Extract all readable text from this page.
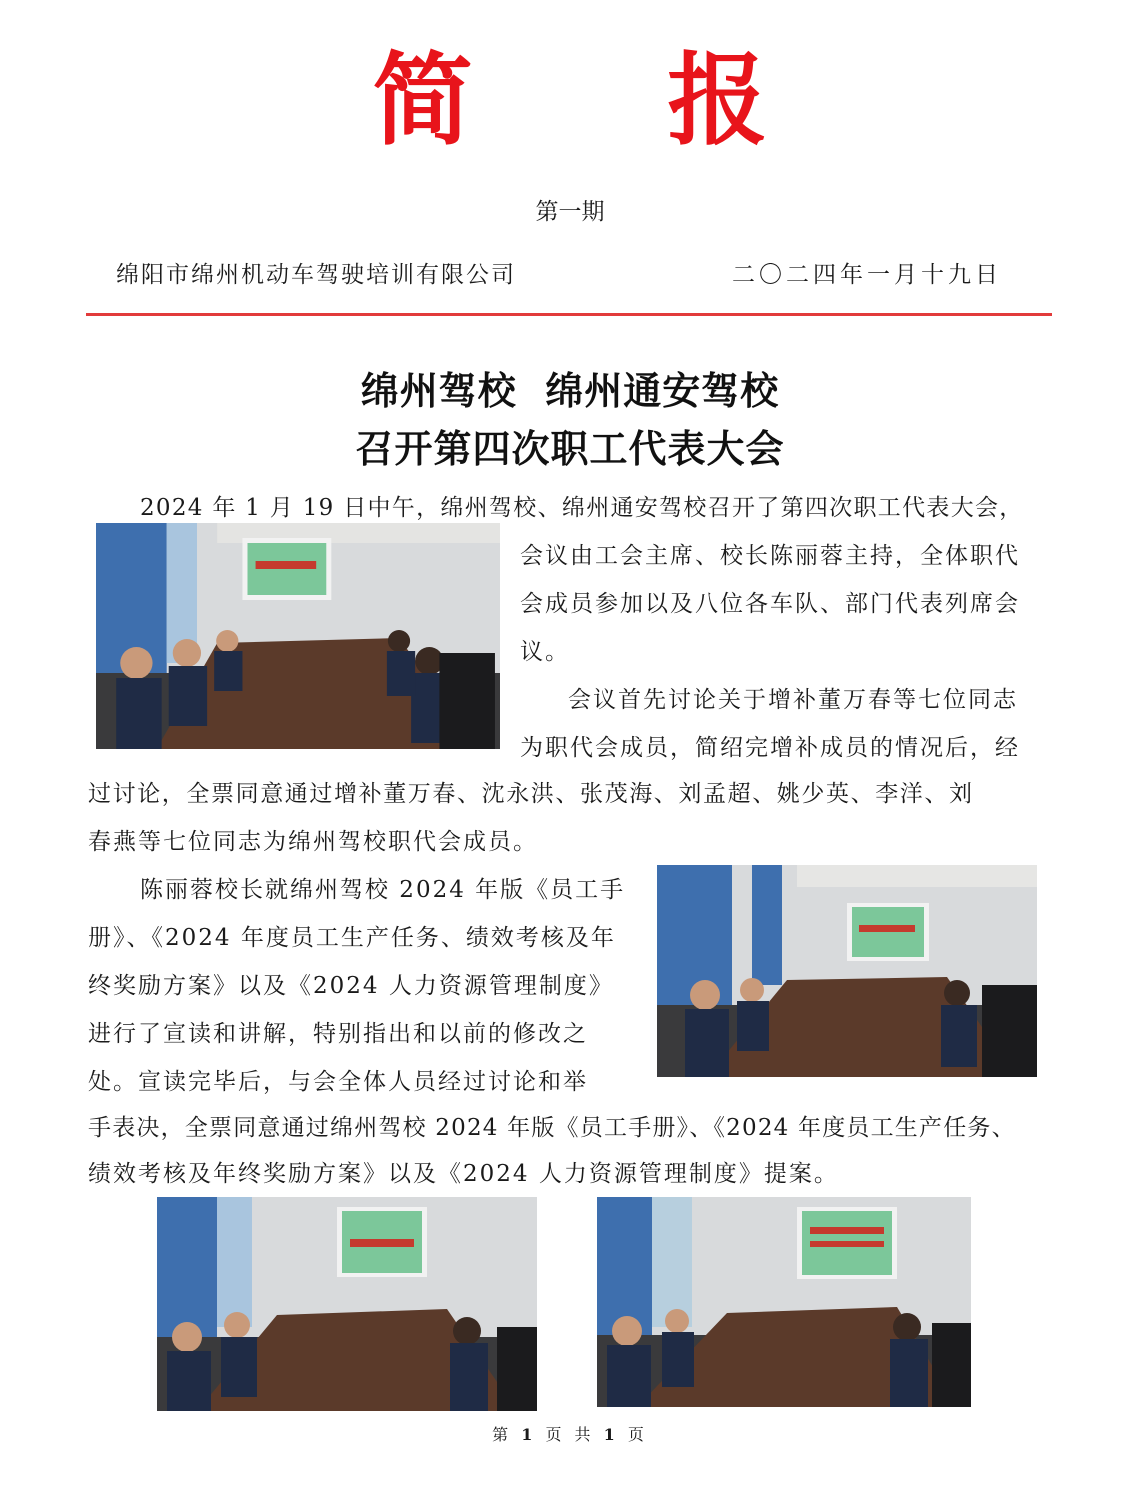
简 报
第一期
绵阳市绵州机动车驾驶培训有限公司	二〇二四年一月十九日
绵州驾校  绵州通安驾校
召开第四次职工代表大会

2024 年 1 月 19 日中午，绵州驾校、绵州通安驾校召开了第四次职工代表大会，

会议由工会主席、校长陈丽蓉主持，全体职代

会成员参加以及八位各车队、部门代表列席会

议。

会议首先讨论关于增补董万春等七位同志

为职代会成员，简绍完增补成员的情况后，经

过讨论，全票同意通过增补董万春、沈永洪、张茂海、刘孟超、姚少英、李洋、刘

春燕等七位同志为绵州驾校职代会成员。

陈丽蓉校长就绵州驾校 2024 年版《员工手

册》、《2024 年度员工生产任务、绩效考核及年

终奖励方案》以及《2024 人力资源管理制度》

进行了宣读和讲解，特别指出和以前的修改之

处。宣读完毕后，与会全体人员经过讨论和举

手表决，全票同意通过绵州驾校 2024 年版《员工手册》、《2024 年度员工生产任务、

绩效考核及年终奖励方案》以及《2024 人力资源管理制度》提案。

第 1 页 共 1 页
